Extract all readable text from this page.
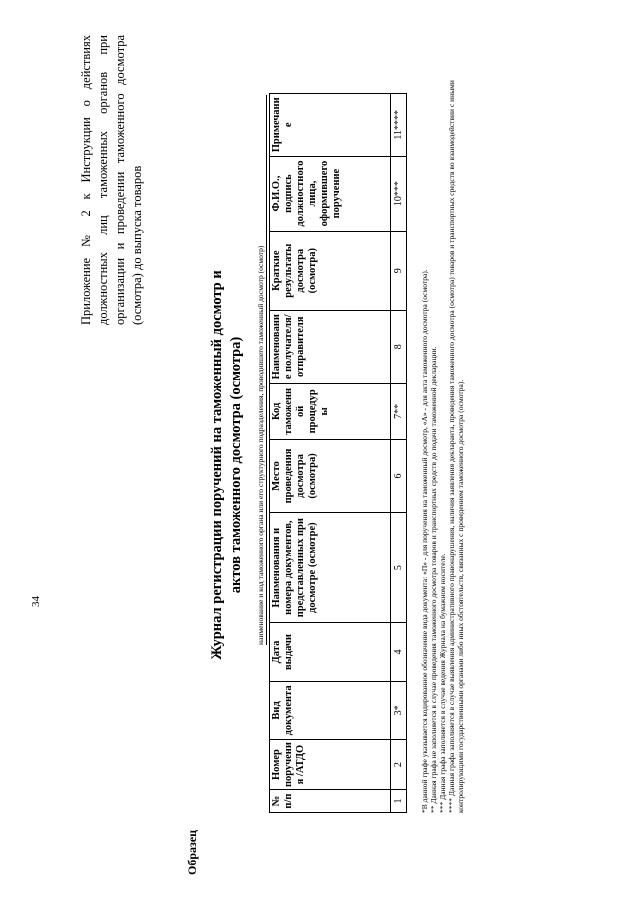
34
Образец
Приложение № 2 к Инструкции о действиях должностных лиц таможенных органов при организации и проведении таможенного досмотра (осмотра) до выпуска товаров
Журнал регистрации поручений на таможенный досмотр и актов таможенного досмотра (осмотра) наименование и код таможенного органа или его структурного подразделения, проводившего таможенный досмотр (осмотр)
№ п/п	Номер поручения /АТДО	Вид документа	Дата выдачи	Наименования и номера документов, представленных при досмотре (осмотре)	Место проведения досмотра (осмотра)	Код таможенной процедуры	Наименование получателя/ отправителя	Краткие результаты досмотра (осмотра)	Ф.И.О., подпись должностного лица, оформившего поручение	Примечание
1	2	3*	4	5	6	7**	8	9	10***	11****

*В данной графе указывается кодированное обозначение вида документа: «П» - для поручения на таможенный досмотр, «А» - для акта таможенного досмотра (осмотра). ** Данная графа не заполняется в случае проведения таможенного досмотра товаров и транспортных средств до подачи таможенной декларации. *** Данная графа заполняется в случае ведения Журнала на бумажном носителе. **** Данная графа заполняется в случае выявления административного правонарушения, наличия заявления декларанта, проведения таможенного досмотра (осмотра) товаров и транспортных средств во взаимодействии с иными контролирующими государственными органами либо иных обстоятельств, связанных с проведением таможенного досмотра (осмотра).
